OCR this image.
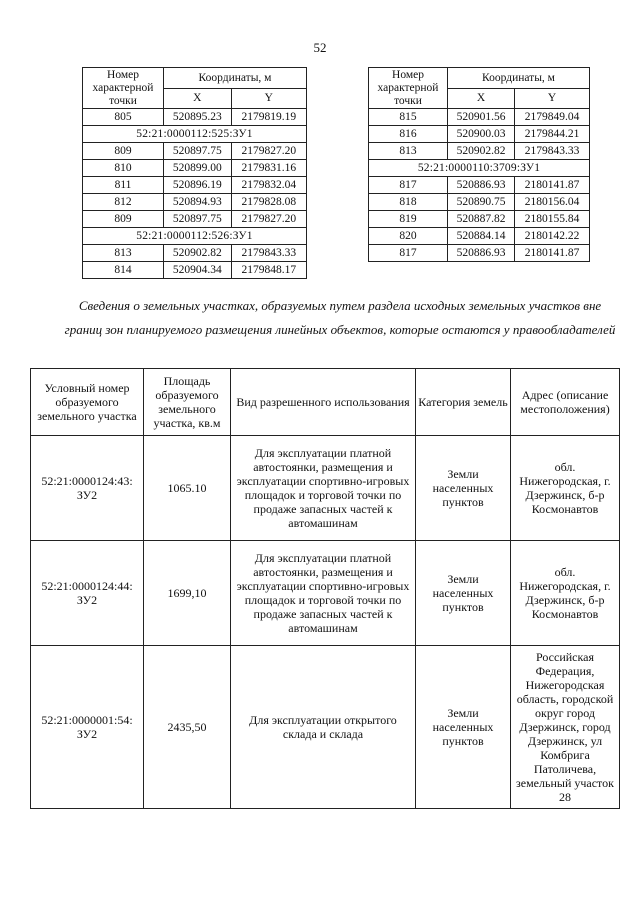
52
Номер характерной точки	Координаты, м	
	X	Y
805	520895.23	2179819.19
52:21:0000112:525:ЗУ1		
809	520897.75	2179827.20
810	520899.00	2179831.16
811	520896.19	2179832.04
812	520894.93	2179828.08
809	520897.75	2179827.20
52:21:0000112:526:ЗУ1		
813	520902.82	2179843.33
814	520904.34	2179848.17
Номер характерной точки	Координаты, м	
	X	Y
815	520901.56	2179849.04
816	520900.03	2179844.21
813	520902.82	2179843.33
52:21:0000110:3709:ЗУ1		
817	520886.93	2180141.87
818	520890.75	2180156.04
819	520887.82	2180155.84
820	520884.14	2180142.22
817	520886.93	2180141.87
Сведения о земельных участках, образуемых путем раздела исходных земельных участков вне границ зон планируемого размещения линейных объектов, которые остаются у правообладателей
Условный номер образуемого земельного участка	Площадь образуемого земельного участка, кв.м	Вид разрешенного использования	Категория земель	Адрес (описание местоположения)
52:21:0000124:43: ЗУ2	1065.10	Для эксплуатации платной автостоянки, размещения и эксплуатации спортивно-игровых площадок и торговой точки по продаже запасных частей к автомашинам	Земли населенных пунктов	обл. Нижегородская, г. Дзержинск, б-р Космонавтов
52:21:0000124:44: ЗУ2	1699,10	Для эксплуатации платной автостоянки, размещения и эксплуатации спортивно-игровых площадок и торговой точки по продаже запасных частей к автомашинам	Земли населенных пунктов	обл. Нижегородская, г. Дзержинск, б-р Космонавтов
52:21:0000001:54: ЗУ2	2435,50	Для эксплуатации открытого склада и склада	Земли населенных пунктов	Российская Федерация, Нижегородская область, городской округ город Дзержинск, город Дзержинск, ул Комбрига Патоличева, земельный участок 28
